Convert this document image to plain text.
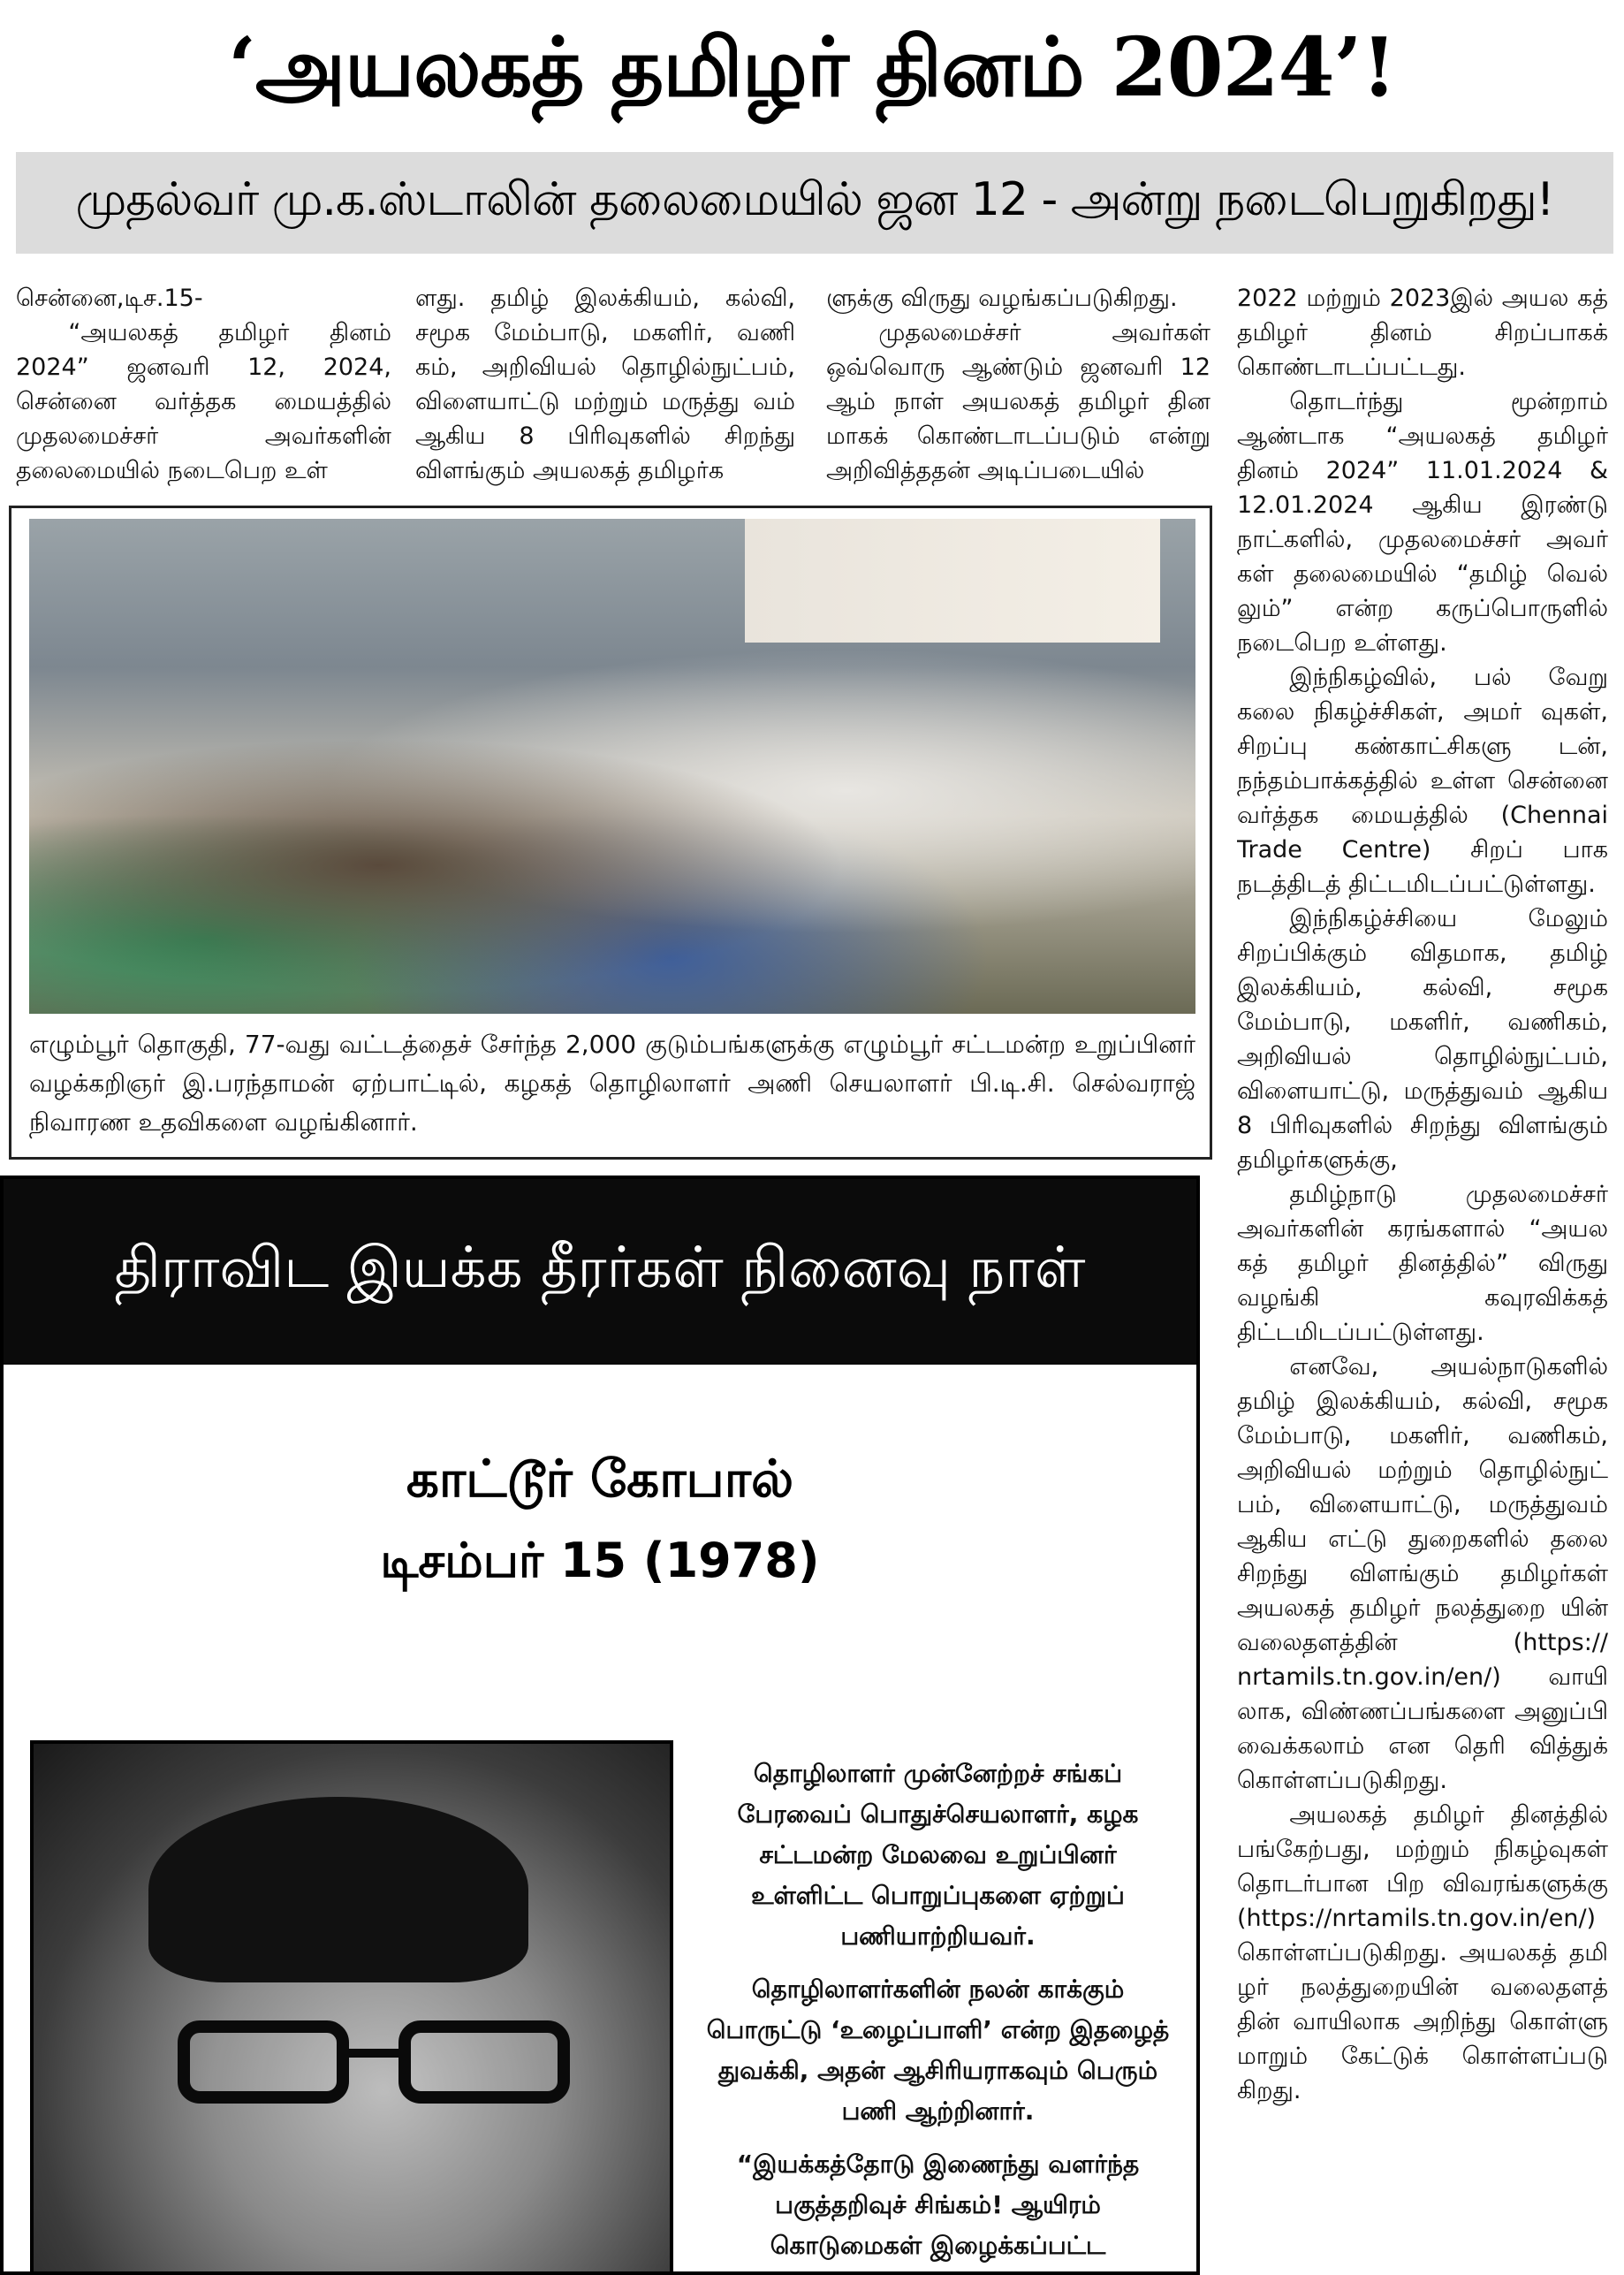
‘அயலகத் தமிழர் தினம் 2024’!
முதல்வர் மு.க.ஸ்டாலின் தலைமையில் ஜன 12 - அன்று நடைபெறுகிறது!

சென்னை,டிச.15-

“அயலகத் தமிழர் தினம் 2024” ஜனவரி 12, 2024, சென்னை வர்த்தக மையத்தில் முதலமைச்சர் அவர்களின் தலைமையில் நடைபெற உள்

ளது. தமிழ் இலக்கியம், கல்வி, சமூக மேம்பாடு, மகளிர், வணி கம், அறிவியல் தொழில்நுட்பம், விளையாட்டு மற்றும் மருத்து வம் ஆகிய 8 பிரிவுகளில் சிறந்து விளங்கும் அயலகத் தமிழர்க

ளுக்கு விருது வழங்கப்படுகிறது.

முதலமைச்சர் அவர்கள் ஒவ்வொரு ஆண்டும் ஜனவரி 12 ஆம் நாள் அயலகத் தமிழர் தின மாகக் கொண்டாடப்படும் என்று அறிவித்ததன் அடிப்படையில்

2022 மற்றும் 2023இல் அயல கத் தமிழர் தினம் சிறப்பாகக் கொண்டாடப்பட்டது.

தொடர்ந்து மூன்றாம் ஆண்டாக “அயலகத் தமிழர் தினம் 2024” 11.01.2024 & 12.01.2024 ஆகிய இரண்டு நாட்களில், முதலமைச்சர் அவர் கள் தலைமையில் “தமிழ் வெல் லும்” என்ற கருப்பொருளில் நடைபெற உள்ளது.

இந்நிகழ்வில், பல் வேறு கலை நிகழ்ச்சிகள், அமர் வுகள், சிறப்பு கண்காட்சிகளு டன், நந்தம்பாக்கத்தில் உள்ள சென்னை வர்த்தக மையத்தில் (Chennai Trade Centre) சிறப் பாக நடத்திடத் திட்டமிடப்பட்டுள்ளது.

இந்நிகழ்ச்சியை மேலும் சிறப்பிக்கும் விதமாக, தமிழ் இலக்கியம், கல்வி, சமூக மேம்பாடு, மகளிர், வணிகம், அறிவியல் தொழில்நுட்பம், விளையாட்டு, மருத்துவம் ஆகிய 8 பிரிவுகளில் சிறந்து விளங்கும் தமிழர்களுக்கு,

தமிழ்நாடு முதலமைச்சர் அவர்களின் கரங்களால் “அயல கத் தமிழர் தினத்தில்” விருது வழங்கி கவுரவிக்கத் திட்டமிடப்பட்டுள்ளது.

எனவே, அயல்நாடுகளில் தமிழ் இலக்கியம், கல்வி, சமூக மேம்பாடு, மகளிர், வணிகம், அறிவியல் மற்றும் தொழில்நுட் பம், விளையாட்டு, மருத்துவம் ஆகிய எட்டு துறைகளில் தலை சிறந்து விளங்கும் தமிழர்கள் அயலகத் தமிழர் நலத்துறை யின் வலைதளத்தின் (https:// nrtamils.tn.gov.in/en/) வாயி லாக, விண்ணப்பங்களை அனுப்பி வைக்கலாம் என தெரி வித்துக் கொள்ளப்படுகிறது.

அயலகத் தமிழர் தினத்தில் பங்கேற்பது, மற்றும் நிகழ்வுகள் தொடர்பான பிற விவரங்களுக்கு (https://nrtamils.tn.gov.in/en/) கொள்ளப்படுகிறது. அயலகத் தமி ழர் நலத்துறையின் வலைதளத் தின் வாயிலாக அறிந்து கொள்ளு மாறும் கேட்டுக் கொள்ளப்படு கிறது.

எழும்பூர் தொகுதி, 77-வது வட்டத்தைச் சேர்ந்த 2,000 குடும்பங்களுக்கு எழும்பூர் சட்டமன்ற உறுப்பினர் வழக்கறிஞர் இ.பரந்தாமன் ஏற்பாட்டில், கழகத் தொழிலாளர் அணி செயலாளர் பி.டி.சி. செல்வராஜ் நிவாரண உதவிகளை வழங்கினார்.
திராவிட இயக்க தீரர்கள் நினைவு நாள்
காட்டூர் கோபால்
டிசம்பர் 15 (1978)

தொழிலாளர் முன்னேற்றச் சங்கப் பேரவைப் பொதுச்செயலாளர், கழக சட்டமன்ற மேலவை உறுப்பினர் உள்ளிட்ட பொறுப்புகளை ஏற்றுப் பணியாற்றியவர்.

தொழிலாளர்களின் நலன் காக்கும் பொருட்டு ‘உழைப்பாளி’ என்ற இதழைத் துவக்கி, அதன் ஆசிரியராகவும் பெரும் பணி ஆற்றினார்.

“இயக்கத்தோடு இணைந்து வளர்ந்த பகுத்தறிவுச் சிங்கம்! ஆயிரம் கொடுமைகள் இழைக்கப்பட்ட
